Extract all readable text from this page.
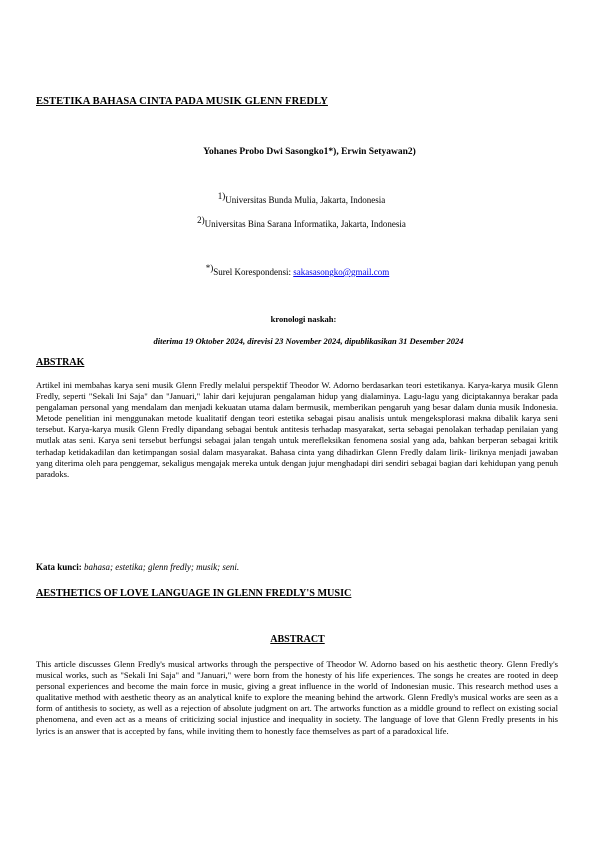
ESTETIKA BAHASA CINTA PADA MUSIK GLENN FREDLY
Yohanes Probo Dwi Sasongko1*), Erwin Setyawan2)
$^{1)}$Universitas Bunda Mulia, Jakarta, Indonesia
$^{2)}$Universitas Bina Sarana Informatika, Jakarta, Indonesia
*)Surel Korespondensi: sakasasongko@gmail.com
kronologi naskah:
diterima 19 Oktober 2024, direvisi 23 November 2024, dipublikasikan 31 Desember 2024
ABSTRAK
Artikel ini membahas karya seni musik Glenn Fredly melalui perspektif Theodor W. Adorno berdasarkan teori estetikanya. Karya-karya musik Glenn Fredly, seperti "Sekali Ini Saja" dan "Januari," lahir dari kejujuran pengalaman hidup yang dialaminya. Lagu-lagu yang diciptakannya berakar pada pengalaman personal yang mendalam dan menjadi kekuatan utama dalam bermusik, memberikan pengaruh yang besar dalam dunia musik Indonesia. Metode penelitian ini menggunakan metode kualitatif dengan teori estetika sebagai pisau analisis untuk mengeksplorasi makna dibalik karya seni tersebut. Karya-karya musik Glenn Fredly dipandang sebagai bentuk antitesis terhadap masyarakat, serta sebagai penolakan terhadap penilaian yang mutlak atas seni. Karya seni tersebut berfungsi sebagai jalan tengah untuk merefleksikan fenomena sosial yang ada, bahkan berperan sebagai kritik terhadap ketidakadilan dan ketimpangan sosial dalam masyarakat. Bahasa cinta yang dihadirkan Glenn Fredly dalam lirik- liriknya menjadi jawaban yang diterima oleh para penggemar, sekaligus mengajak mereka untuk dengan jujur menghadapi diri sendiri sebagai bagian dari kehidupan yang penuh paradoks.
Kata kunci: bahasa; estetika; glenn fredly; musik; seni.
AESTHETICS OF LOVE LANGUAGE IN GLENN FREDLY'S MUSIC
ABSTRACT
This article discusses Glenn Fredly's musical artworks through the perspective of Theodor W. Adorno based on his aesthetic theory. Glenn Fredly's musical works, such as "Sekali Ini Saja" and "Januari," were born from the honesty of his life experiences. The songs he creates are rooted in deep personal experiences and become the main force in music, giving a great influence in the world of Indonesian music. This research method uses a qualitative method with aesthetic theory as an analytical knife to explore the meaning behind the artwork. Glenn Fredly's musical works are seen as a form of antithesis to society, as well as a rejection of absolute judgment on art. The artworks function as a middle ground to reflect on existing social phenomena, and even act as a means of criticizing social injustice and inequality in society. The language of love that Glenn Fredly presents in his lyrics is an answer that is accepted by fans, while inviting them to honestly face themselves as part of a paradoxical life.
